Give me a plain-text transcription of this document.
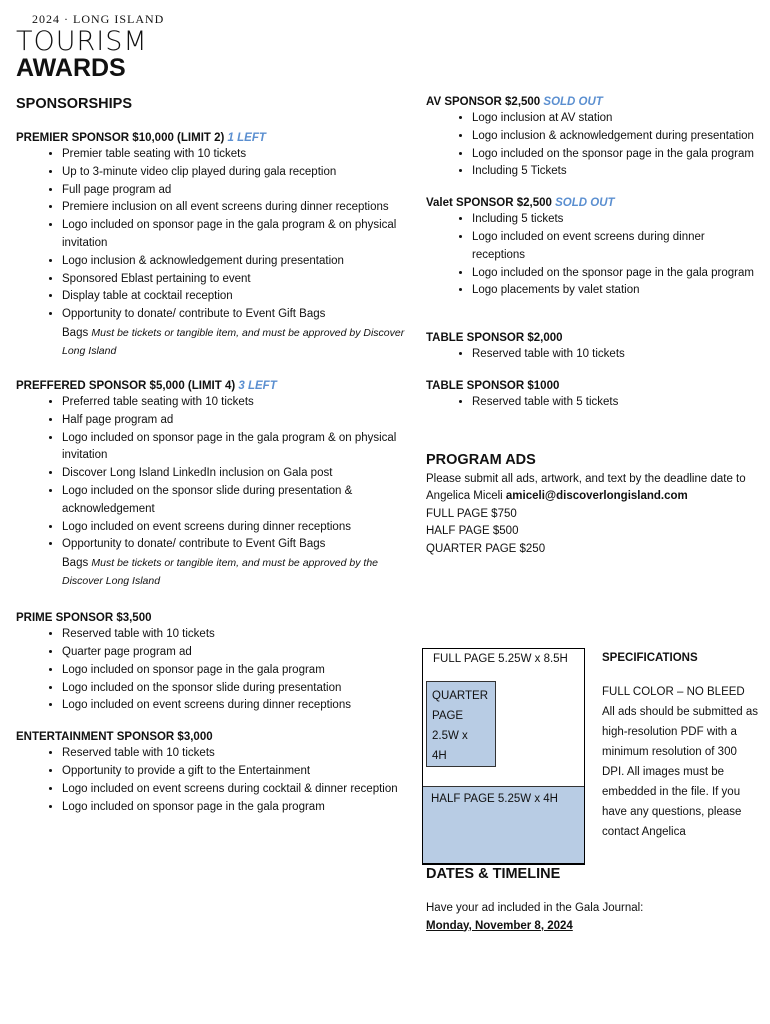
2024 · LONG ISLAND
TOURISM
AWARDS
SPONSORSHIPS
PREMIER SPONSOR $10,000 (LIMIT 2) 1 LEFT
• Premier table seating with 10 tickets
• Up to 3-minute video clip played during gala reception
• Full page program ad
• Premiere inclusion on all event screens during dinner receptions
• Logo included on sponsor page in the gala program & on physical invitation
• Logo inclusion & acknowledgement during presentation
• Sponsored Eblast pertaining to event
• Display table at cocktail reception
• Opportunity to donate/ contribute to Event Gift Bags
Bags Must be tickets or tangible item, and must be approved by Discover Long Island
PREFFERED SPONSOR $5,000 (LIMIT 4) 3 LEFT
• Preferred table seating with 10 tickets
• Half page program ad
• Logo included on sponsor page in the gala program & on physical invitation
• Discover Long Island LinkedIn inclusion on Gala post
• Logo included on the sponsor slide during presentation & acknowledgement
• Logo included on event screens during dinner receptions
• Opportunity to donate/ contribute to Event Gift Bags
Bags Must be tickets or tangible item, and must be approved by the Discover Long Island
PRIME SPONSOR $3,500
• Reserved table with 10 tickets
• Quarter page program ad
• Logo included on sponsor page in the gala program
• Logo included on the sponsor slide during presentation
• Logo included on event screens during dinner receptions
ENTERTAINMENT SPONSOR $3,000
• Reserved table with 10 tickets
• Opportunity to provide a gift to the Entertainment
• Logo included on event screens during cocktail & dinner reception
• Logo included on sponsor page in the gala program
AV SPONSOR $2,500 SOLD OUT
• Logo inclusion at AV station
• Logo inclusion & acknowledgement during presentation
• Logo included on the sponsor page in the gala program
• Including 5 Tickets
Valet SPONSOR $2,500 SOLD OUT
• Including 5 tickets
• Logo included on event screens during dinner receptions
• Logo included on the sponsor page in the gala program
• Logo placements by valet station
TABLE SPONSOR $2,000
• Reserved table with 10 tickets
TABLE SPONSOR $1000
• Reserved table with 5 tickets
PROGRAM ADS

Please submit all ads, artwork, and text by the deadline date to Angelica Miceli amiceli@discoverlongisland.com

FULL PAGE $750

HALF PAGE $500

QUARTER PAGE $250

FULL PAGE 5.25W x 8.5H
QUARTER
PAGE
2.5W x
4H
HALF PAGE 5.25W x 4H
SPECIFICATIONS

FULL COLOR – NO BLEED

All ads should be submitted as high-resolution PDF with a minimum resolution of 300 DPI. All images must be embedded in the file. If you have any questions, please contact Angelica

DATES & TIMELINE

Have your ad included in the Gala Journal:

Monday, November 8, 2024
